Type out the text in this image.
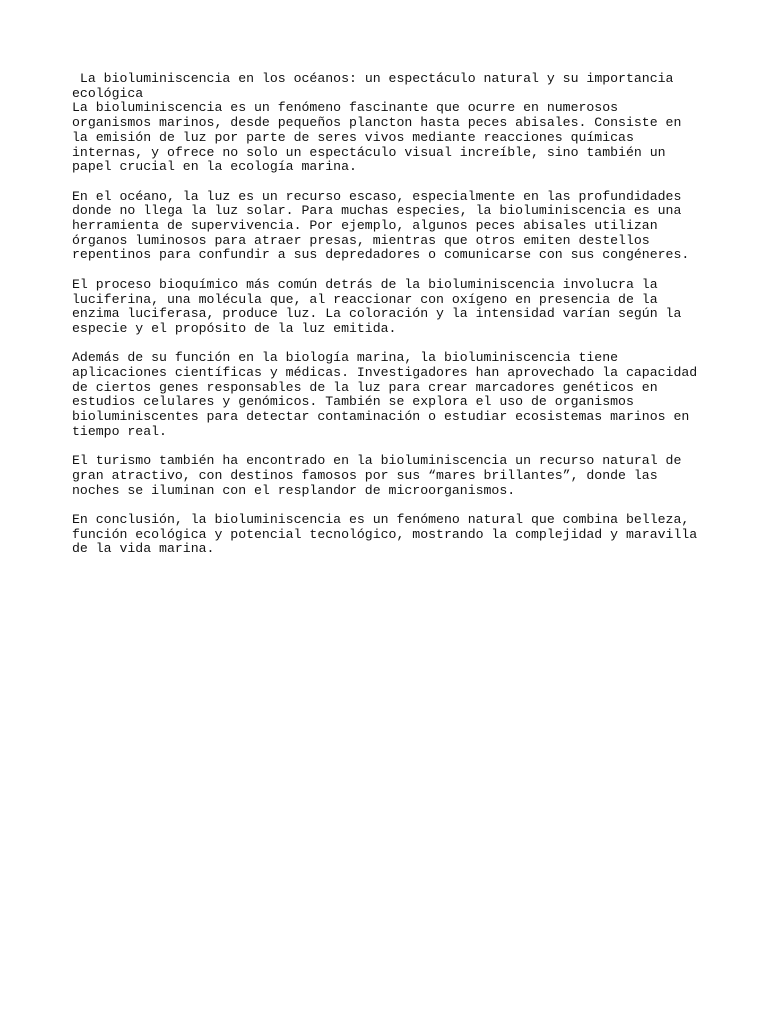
La bioluminiscencia en los océanos: un espectáculo natural y su importancia ecológica

La bioluminiscencia es un fenómeno fascinante que ocurre en numerosos organismos marinos, desde pequeños plancton hasta peces abisales. Consiste en la emisión de luz por parte de seres vivos mediante reacciones químicas internas, y ofrece no solo un espectáculo visual increíble, sino también un papel crucial en la ecología marina.

En el océano, la luz es un recurso escaso, especialmente en las profundidades donde no llega la luz solar. Para muchas especies, la bioluminiscencia es una herramienta de supervivencia. Por ejemplo, algunos peces abisales utilizan órganos luminosos para atraer presas, mientras que otros emiten destellos repentinos para confundir a sus depredadores o comunicarse con sus congéneres.

El proceso bioquímico más común detrás de la bioluminiscencia involucra la luciferina, una molécula que, al reaccionar con oxígeno en presencia de la enzima luciferasa, produce luz. La coloración y la intensidad varían según la especie y el propósito de la luz emitida.

Además de su función en la biología marina, la bioluminiscencia tiene aplicaciones científicas y médicas. Investigadores han aprovechado la capacidad de ciertos genes responsables de la luz para crear marcadores genéticos en estudios celulares y genómicos. También se explora el uso de organismos bioluminiscentes para detectar contaminación o estudiar ecosistemas marinos en tiempo real.

El turismo también ha encontrado en la bioluminiscencia un recurso natural de gran atractivo, con destinos famosos por sus “mares brillantes”, donde las noches se iluminan con el resplandor de microorganismos.

En conclusión, la bioluminiscencia es un fenómeno natural que combina belleza, función ecológica y potencial tecnológico, mostrando la complejidad y maravilla de la vida marina.
